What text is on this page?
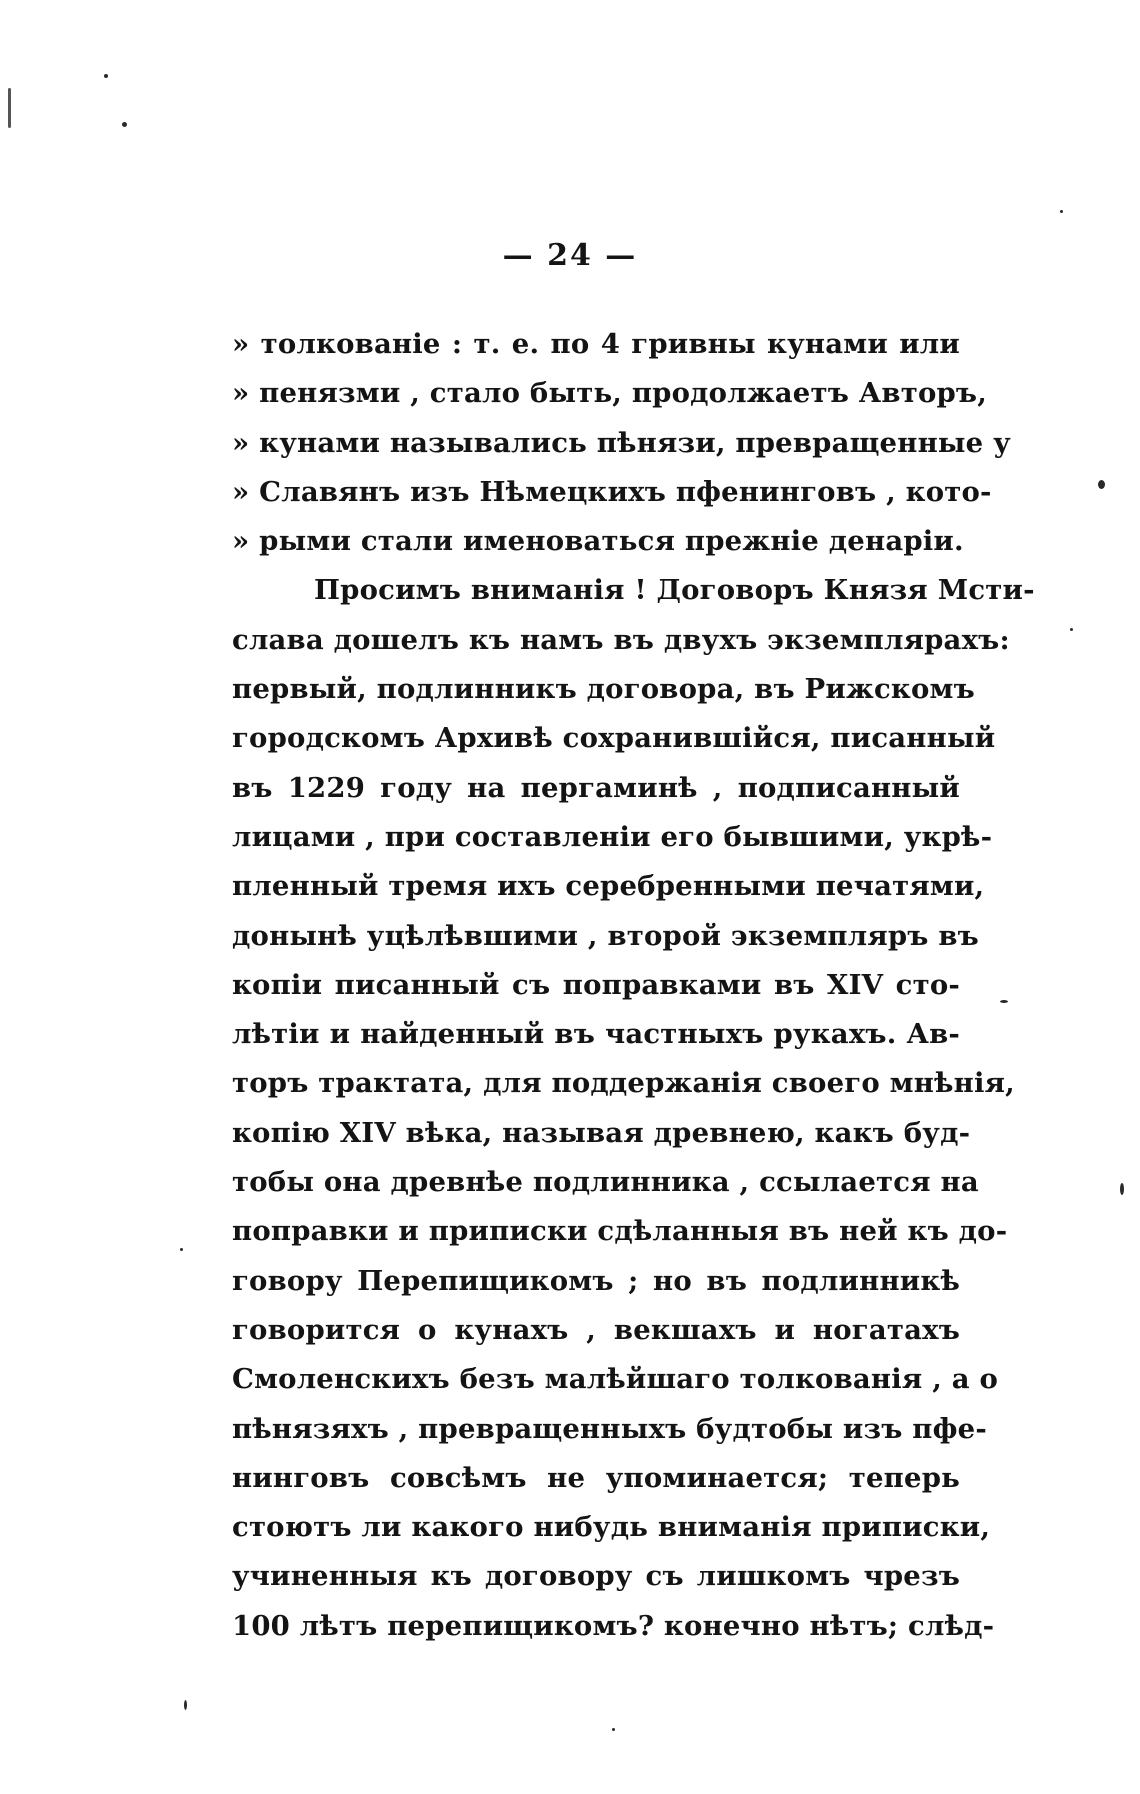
— 24 —
» толкованіе : т. е. по 4 гривны кунами или
» пенязми , стало быть, продолжаетъ Авторъ,
» кунами назывались пѣнязи, превращенные у
» Славянъ изъ Нѣмецкихъ пфенинговъ , кото-
» рыми стали именоваться прежніе денаріи.
Просимъ вниманія ! Договоръ Князя Мсти-
слава дошелъ къ намъ въ двухъ экземплярахъ:
первый, подлинникъ договора, въ Рижскомъ
городскомъ Архивѣ сохранившійся, писанный
въ 1229 году на пергаминѣ , подписанный
лицами , при составленіи его бывшими, укрѣ-
пленный тремя ихъ серебренными печатями,
донынѣ уцѣлѣвшими , второй экземпляръ въ
копіи писанный съ поправками въ XIV сто-
лѣтіи и найденный въ частныхъ рукахъ. Ав-
торъ трактата, для поддержанія своего мнѣнія,
копію XIV вѣка, называя древнею, какъ буд-
тобы она древнѣе подлинника , ссылается на
поправки и приписки сдѣланныя въ ней къ до-
говору Перепищикомъ ; но въ подлинникѣ
говорится о кунахъ , векшахъ и ногатахъ
Смоленскихъ безъ малѣйшаго толкованія , а о
пѣнязяхъ , превращенныхъ будтобы изъ пфе-
нинговъ совсѣмъ не упоминается; теперь
стоютъ ли какого нибудь вниманія приписки,
учиненныя къ договору съ лишкомъ чрезъ
100 лѣтъ перепищикомъ? конечно нѣтъ; слѣд-
